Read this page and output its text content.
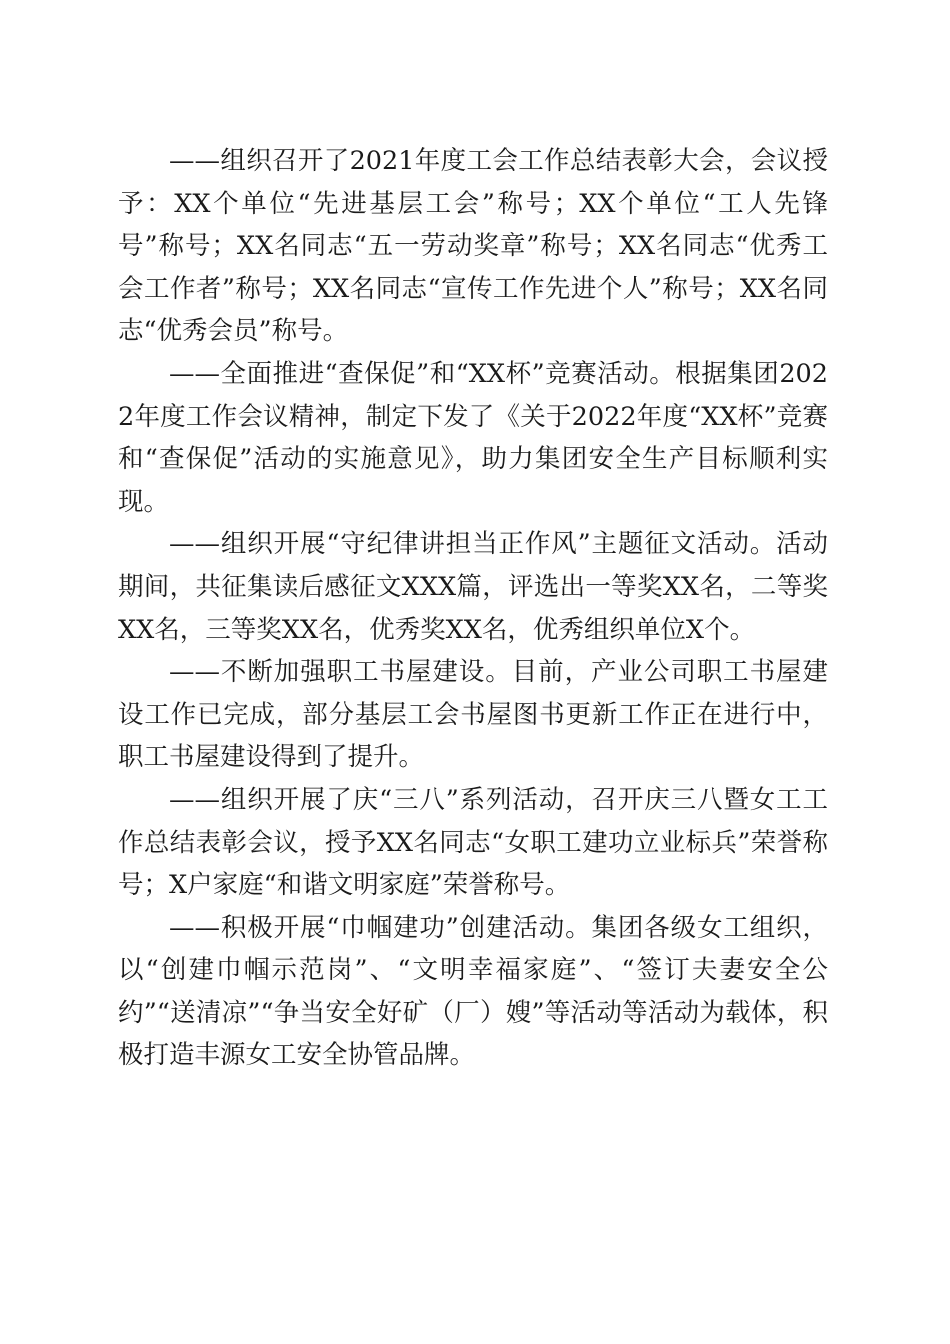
——组织召开了2021年度工会工作总结表彰大会，会议授予：XX个单位“先进基层工会”称号；XX个单位“工人先锋号”称号；XX名同志“五一劳动奖章”称号；XX名同志“优秀工会工作者”称号；XX名同志“宣传工作先进个人”称号；XX名同志“优秀会员”称号。

——全面推进“查保促”和“XX杯”竞赛活动。根据集团2022年度工作会议精神，制定下发了《关于2022年度“XX杯”竞赛和“查保促”活动的实施意见》，助力集团安全生产目标顺利实现。

——组织开展“守纪律讲担当正作风”主题征文活动。活动期间，共征集读后感征文XXX篇，评选出一等奖XX名，二等奖XX名，三等奖XX名，优秀奖XX名，优秀组织单位X个。

——不断加强职工书屋建设。目前，产业公司职工书屋建设工作已完成，部分基层工会书屋图书更新工作正在进行中，职工书屋建设得到了提升。

——组织开展了庆“三八”系列活动，召开庆三八暨女工工作总结表彰会议，授予XX名同志“女职工建功立业标兵”荣誉称号；X户家庭“和谐文明家庭”荣誉称号。

——积极开展“巾帼建功”创建活动。集团各级女工组织，以“创建巾帼示范岗”、“文明幸福家庭”、“签订夫妻安全公约”“送清凉”“争当安全好矿（厂）嫂”等活动等活动为载体，积极打造丰源女工安全协管品牌。
